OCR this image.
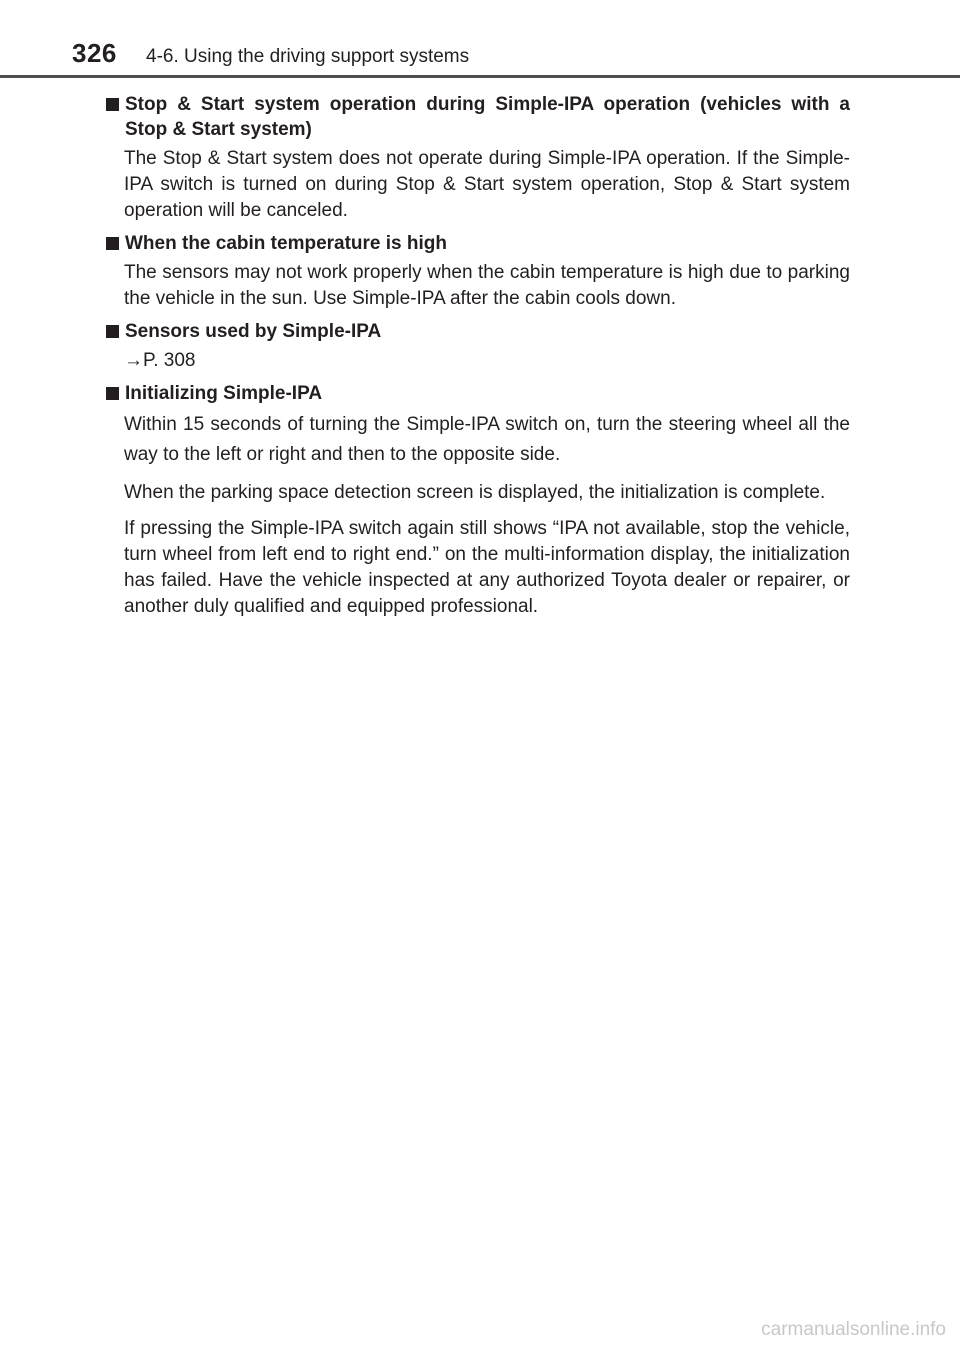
326 4-6. Using the driving support systems
Stop & Start system operation during Simple-IPA operation (vehicles with a Stop & Start system)
The Stop & Start system does not operate during Simple-IPA operation. If the Simple-IPA switch is turned on during Stop & Start system operation, Stop & Start system operation will be canceled.
When the cabin temperature is high
The sensors may not work properly when the cabin temperature is high due to parking the vehicle in the sun. Use Simple-IPA after the cabin cools down.
Sensors used by Simple-IPA
→P. 308
Initializing Simple-IPA
Within 15 seconds of turning the Simple-IPA switch on, turn the steering wheel all the way to the left or right and then to the opposite side.
When the parking space detection screen is displayed, the initialization is complete.
If pressing the Simple-IPA switch again still shows “IPA not available, stop the vehicle, turn wheel from left end to right end.” on the multi-information display, the initialization has failed. Have the vehicle inspected at any authorized Toyota dealer or repairer, or another duly qualified and equipped professional.
carmanualsonline.info
